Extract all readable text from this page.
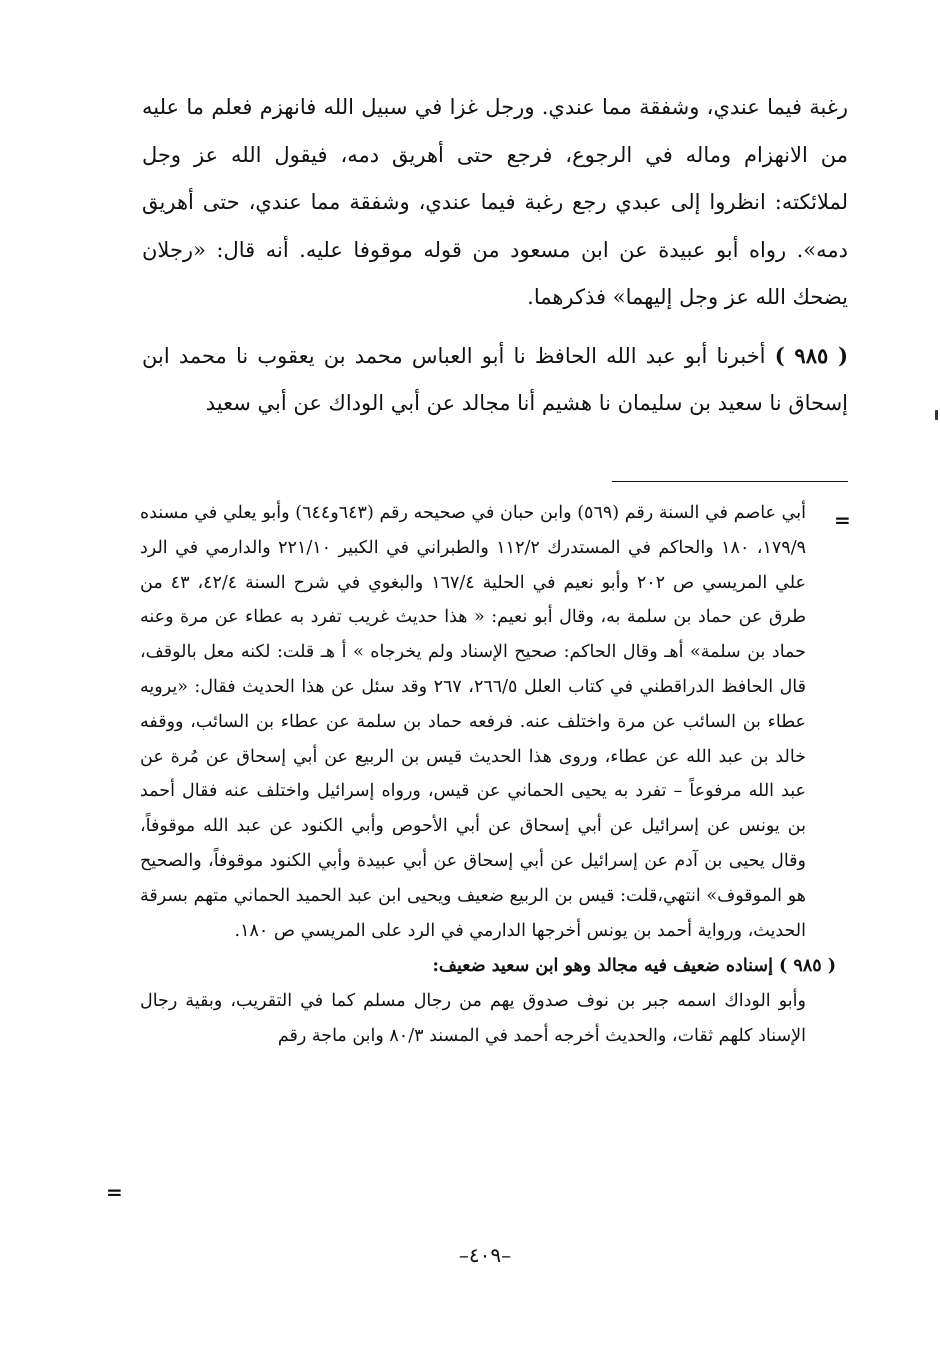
رغبة فيما عندي، وشفقة مما عندي. ورجل غزا في سبيل الله فانهزم فعلم ما عليه من الانهزام وماله في الرجوع، فرجع حتى أهريق دمه، فيقول الله عز وجل لملائكته: انظروا إلى عبدي رجع رغبة فيما عندي، وشفقة مما عندي، حتى أهريق دمه». رواه أبو عبيدة عن ابن مسعود من قوله موقوفا عليه. أنه قال: «رجلان يضحك الله عز وجل إليهما» فذكرهما.

( ٩٨٥ ) أخبرنا أبو عبد الله الحافظ نا أبو العباس محمد بن يعقوب نا محمد ابن إسحاق نا سعيد بن سليمان نا هشيم أنا مجالد عن أبي الوداك عن أبي سعيد

=

أبي عاصم في السنة رقم (٥٦٩) وابن حبان في صحيحه رقم (٦٤٣و٦٤٤) وأبو يعلي في مسنده ١٧٩/٩، ١٨٠ والحاكم في المستدرك ١١٢/٢ والطبراني في الكبير ٢٢١/١٠ والدارمي في الرد علي المريسي ص ٢٠٢ وأبو نعيم في الحلية ١٦٧/٤ والبغوي في شرح السنة ٤٢/٤، ٤٣ من طرق عن حماد بن سلمة به، وقال أبو نعيم: « هذا حديث غريب تفرد به عطاء عن مرة وعنه حماد بن سلمة» أهـ وقال الحاكم: صحيح الإسناد ولم يخرجاه » أ هـ قلت: لكنه معل بالوقف، قال الحافظ الدراقطني في كتاب العلل ٢٦٦/٥، ٢٦٧ وقد سئل عن هذا الحديث فقال: «يرويه عطاء بن السائب عن مرة واختلف عنه. فرفعه حماد بن سلمة عن عطاء بن السائب، ووقفه خالد بن عبد الله عن عطاء، وروى هذا الحديث قيس بن الربيع عن أبي إسحاق عن مُرة عن عبد الله مرفوعاً – تفرد به يحيى الحماني عن قيس، ورواه إسرائيل واختلف عنه فقال أحمد بن يونس عن إسرائيل عن أبي إسحاق عن أبي الأحوص وأبي الكنود عن عبد الله موقوفاً، وقال يحيى بن آدم عن إسرائيل عن أبي إسحاق عن أبي عبيدة وأبي الكنود موقوفاً، والصحيح هو الموقوف» انتهي،قلت: قيس بن الربيع ضعيف ويحيى ابن عبد الحميد الحماني متهم بسرقة الحديث، ورواية أحمد بن يونس أخرجها الدارمي في الرد على المريسي ص ١٨٠.

( ٩٨٥ ) إسناده ضعيف فيه مجالد وهو ابن سعيد ضعيف:

وأبو الوداك اسمه جبر بن نوف صدوق يهم من رجال مسلم كما في التقريب، وبقية رجال الإسناد كلهم ثقات، والحديث أخرجه أحمد في المسند ٨٠/٣ وابن ماجة رقم

=
–٤٠٩–
